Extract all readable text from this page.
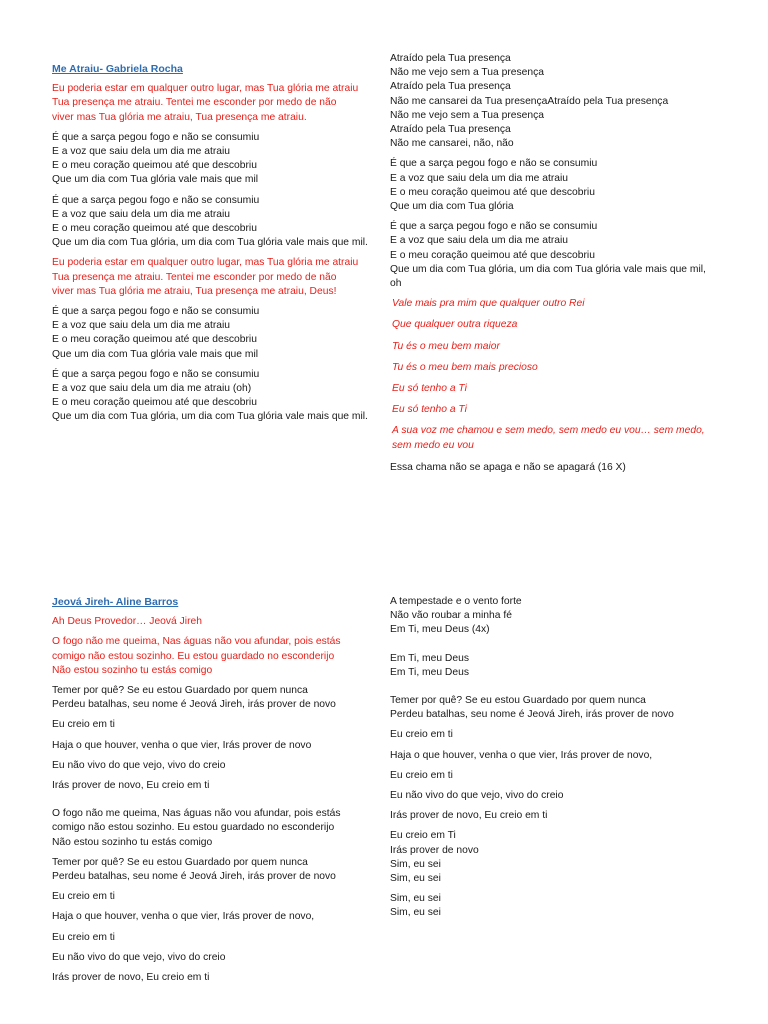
Me Atraiu- Gabriela Rocha
Eu poderia estar em qualquer outro lugar, mas Tua glória me atraiu
Tua presença me atraiu. Tentei me esconder por medo de não
viver mas Tua glória me atraiu, Tua presença me atraiu.
É que a sarça pegou fogo e não se consumiu
E a voz que saiu dela um dia me atraiu
E o meu coração queimou até que descobriu
Que um dia com Tua glória vale mais que mil
É que a sarça pegou fogo e não se consumiu
E a voz que saiu dela um dia me atraiu
E o meu coração queimou até que descobriu
Que um dia com Tua glória, um dia com Tua glória vale mais que mil.
Eu poderia estar em qualquer outro lugar, mas Tua glória me atraiu
Tua presença me atraiu. Tentei me esconder por medo de não
viver mas Tua glória me atraiu, Tua presença me atraiu, Deus!
É que a sarça pegou fogo e não se consumiu
E a voz que saiu dela um dia me atraiu
E o meu coração queimou até que descobriu
Que um dia com Tua glória vale mais que mil
É que a sarça pegou fogo e não se consumiu
E a voz que saiu dela um dia me atraiu (oh)
E o meu coração queimou até que descobriu
Que um dia com Tua glória, um dia com Tua glória vale mais que mil.
Atraído pela Tua presença
Não me vejo sem a Tua presença
Atraído pela Tua presença
Não me cansarei da Tua presençaAtraído pela Tua presença
Não me vejo sem a Tua presença
Atraído pela Tua presença
Não me cansarei, não, não
É que a sarça pegou fogo e não se consumiu
E a voz que saiu dela um dia me atraiu
E o meu coração queimou até que descobriu
Que um dia com Tua glória
É que a sarça pegou fogo e não se consumiu
E a voz que saiu dela um dia me atraiu
E o meu coração queimou até que descobriu
Que um dia com Tua glória, um dia com Tua glória vale mais que mil, oh
Vale mais pra mim que qualquer outro Rei
Que qualquer outra riqueza
Tu és o meu bem maior
Tu és o meu bem mais precioso
Eu só tenho a Ti
Eu só tenho a Ti
A sua voz me chamou e sem medo, sem medo eu vou… sem medo, sem medo eu vou
Essa chama não se apaga e não se apagará (16 X)
Jeová Jireh- Aline Barros
Ah Deus Provedor… Jeová Jireh
O fogo não me queima, Nas águas não vou afundar, pois estás
comigo não estou sozinho. Eu estou guardado no esconderijo
Não estou sozinho tu estás comigo
Temer por quê? Se eu estou Guardado por quem nunca
Perdeu batalhas, seu nome é Jeová Jireh, irás prover de novo
Eu creio em ti
Haja o que houver, venha o que vier, Irás prover de novo
Eu não vivo do que vejo, vivo do creio
Irás prover de novo, Eu creio em ti
O fogo não me queima, Nas águas não vou afundar, pois estás
comigo não estou sozinho. Eu estou guardado no esconderijo
Não estou sozinho tu estás comigo
Temer por quê? Se eu estou Guardado por quem nunca
Perdeu batalhas, seu nome é Jeová Jireh, irás prover de novo
Eu creio em ti
Haja o que houver, venha o que vier, Irás prover de novo,
Eu creio em ti
Eu não vivo do que vejo, vivo do creio
Irás prover de novo, Eu creio em ti
A tempestade e o vento forte
Não vão roubar a minha fé
Em Ti, meu Deus (4x)
Em Ti, meu Deus
Em Ti, meu Deus
Temer por quê? Se eu estou Guardado por quem nunca
Perdeu batalhas, seu nome é Jeová Jireh, irás prover de novo
Eu creio em ti
Haja o que houver, venha o que vier, Irás prover de novo,
Eu creio em ti
Eu não vivo do que vejo, vivo do creio
Irás prover de novo, Eu creio em ti
Eu creio em Ti
Irás prover de novo
Sim, eu sei
Sim, eu sei
Sim, eu sei
Sim, eu sei
